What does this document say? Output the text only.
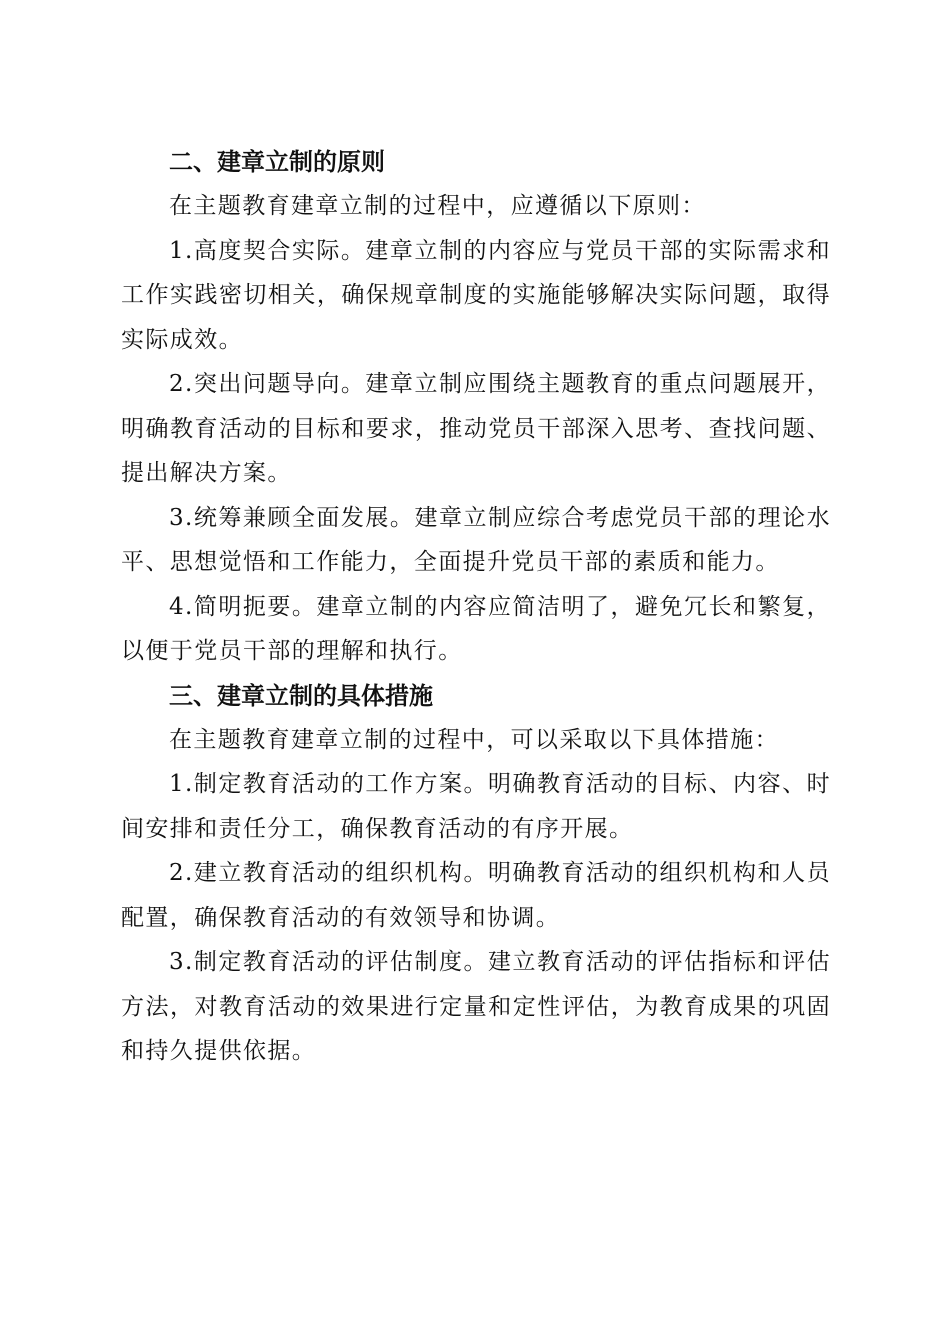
二、建章立制的原则

在主题教育建章立制的过程中，应遵循以下原则：

1.高度契合实际。建章立制的内容应与党员干部的实际需求和工作实践密切相关，确保规章制度的实施能够解决实际问题，取得实际成效。

2.突出问题导向。建章立制应围绕主题教育的重点问题展开，明确教育活动的目标和要求，推动党员干部深入思考、查找问题、提出解决方案。

3.统筹兼顾全面发展。建章立制应综合考虑党员干部的理论水平、思想觉悟和工作能力，全面提升党员干部的素质和能力。

4.简明扼要。建章立制的内容应简洁明了，避免冗长和繁复，以便于党员干部的理解和执行。

三、建章立制的具体措施

在主题教育建章立制的过程中，可以采取以下具体措施：

1.制定教育活动的工作方案。明确教育活动的目标、内容、时间安排和责任分工，确保教育活动的有序开展。

2.建立教育活动的组织机构。明确教育活动的组织机构和人员配置，确保教育活动的有效领导和协调。

3.制定教育活动的评估制度。建立教育活动的评估指标和评估方法，对教育活动的效果进行定量和定性评估，为教育成果的巩固和持久提供依据。
